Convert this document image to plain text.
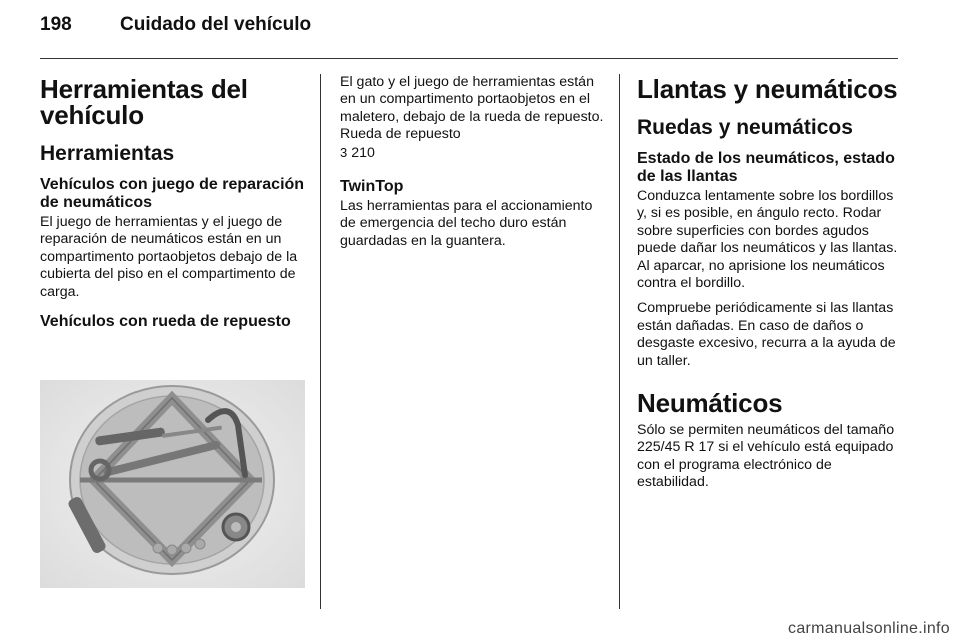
198	Cuidado del vehículo
Herramientas del vehículo
Herramientas
Vehículos con juego de reparación de neumáticos

El juego de herramientas y el juego de reparación de neumáticos están en un compartimento portaobjetos debajo de la cubierta del piso en el compartimento de carga.

Vehículos con rueda de repuesto

El gato y el juego de herramientas están en un compartimento portaobjetos en el maletero, debajo de la rueda de repuesto. Rueda de repuesto
3 210

TwinTop

Las herramientas para el accionamiento de emergencia del techo duro están guardadas en la guantera.

Llantas y neumáticos
Ruedas y neumáticos
Estado de los neumáticos, estado de las llantas

Conduzca lentamente sobre los bordillos y, si es posible, en ángulo recto. Rodar sobre superficies con bordes agudos puede dañar los neumáticos y las llantas. Al aparcar, no aprisione los neumáticos contra el bordillo.

Compruebe periódicamente si las llantas están dañadas. En caso de daños o desgaste excesivo, recurra a la ayuda de un taller.

Neumáticos

Sólo se permiten neumáticos del tamaño 225/45 R 17 si el vehículo está equipado con el programa electrónico de estabilidad.

carmanualsonline.info
